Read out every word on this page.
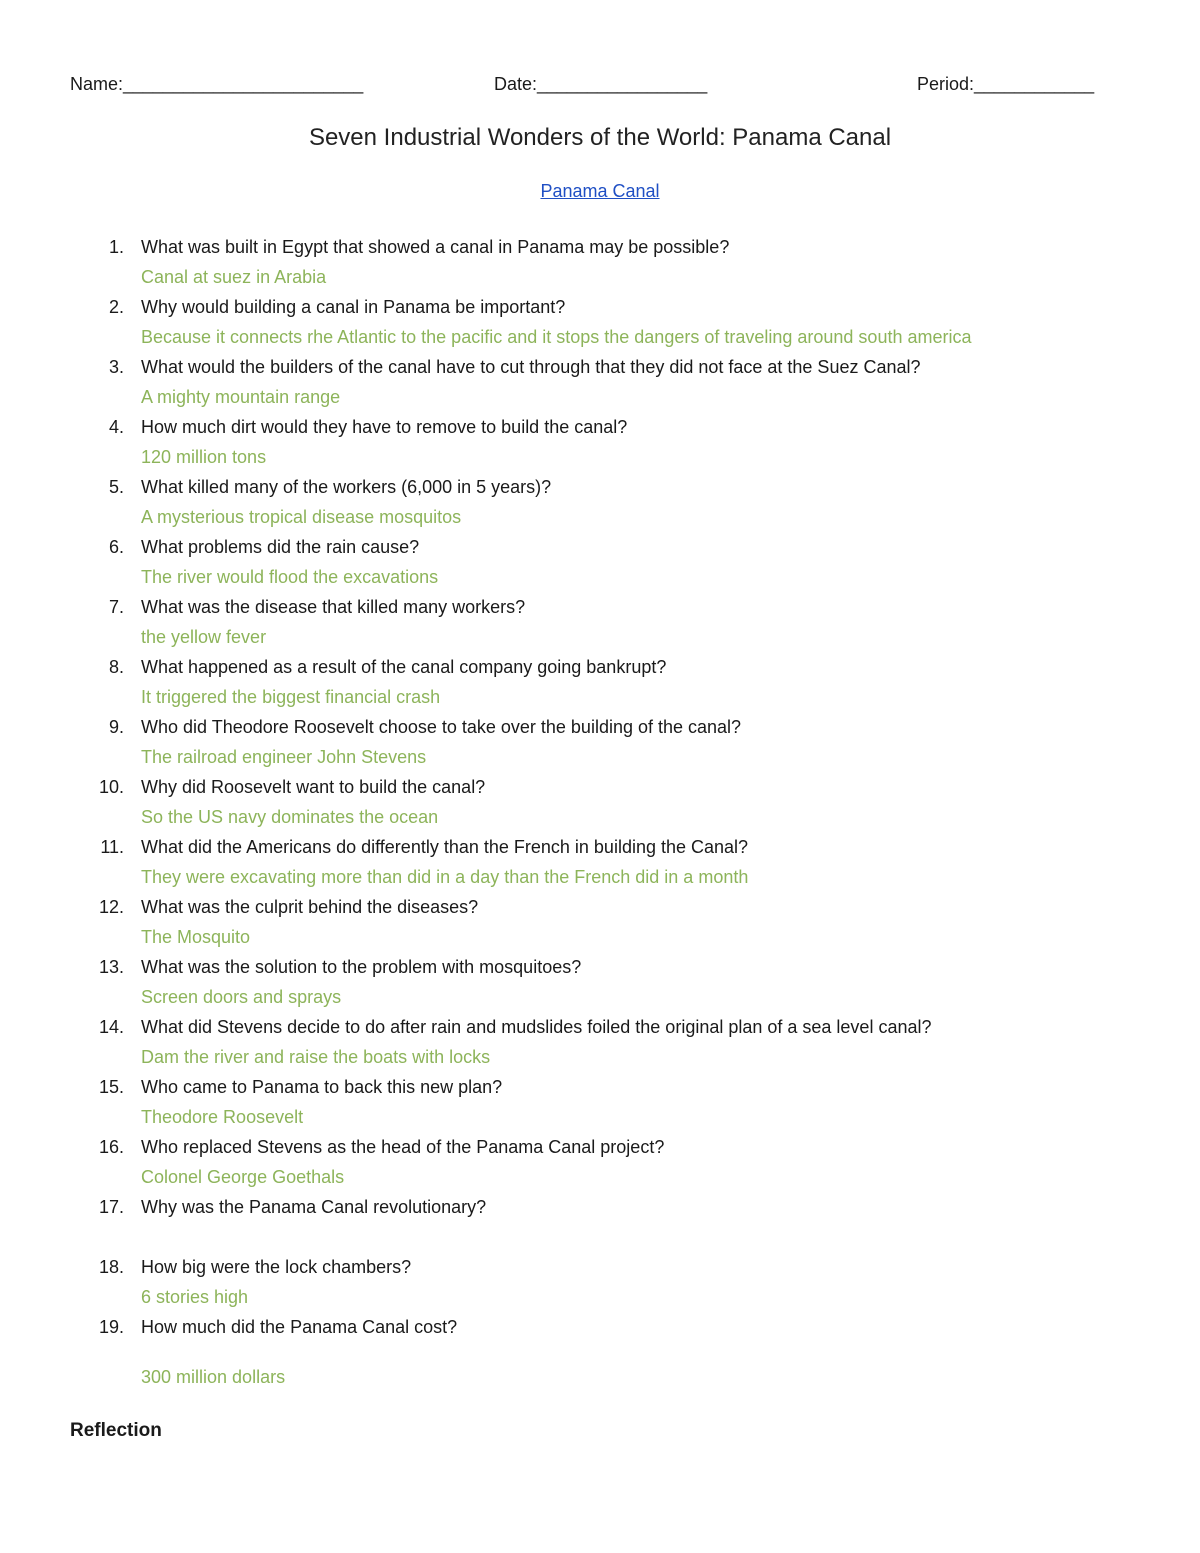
Name:________________________	Date:_________________	Period:____________
Seven Industrial Wonders of the World: Panama Canal
Panama Canal
1. What was built in Egypt that showed a canal in Panama may be possible?
Canal at suez in Arabia
2. Why would building a canal in Panama be important?
Because it connects rhe Atlantic to the pacific and it stops the dangers of traveling around south america
3. What would the builders of the canal have to cut through that they did not face at the Suez Canal?
A mighty mountain range
4. How much dirt would they have to remove to build the canal?
120 million tons
5. What killed many of the workers (6,000 in 5 years)?
A mysterious tropical disease mosquitos
6. What problems did the rain cause?
The river would flood the excavations
7. What was the disease that killed many workers?
the yellow fever
8. What happened as a result of the canal company going bankrupt?
It triggered the biggest financial crash
9. Who did Theodore Roosevelt choose to take over the building of the canal?
The railroad engineer John Stevens
10. Why did Roosevelt want to build the canal?
So the US navy dominates the ocean
11. What did the Americans do differently than the French in building the Canal?
They were excavating more than did in a day than the French did in a month
12. What was the culprit behind the diseases?
The Mosquito
13. What was the solution to the problem with mosquitoes?
Screen doors and sprays
14. What did Stevens decide to do after rain and mudslides foiled the original plan of a sea level canal?
Dam the river and raise the boats with locks
15. Who came to Panama to back this new plan?
Theodore Roosevelt
16. Who replaced Stevens as the head of the Panama Canal project?
Colonel George Goethals
17. Why was the Panama Canal revolutionary?
18. How big were the lock chambers?
6 stories high
19. How much did the Panama Canal cost?
300 million dollars
Reflection
